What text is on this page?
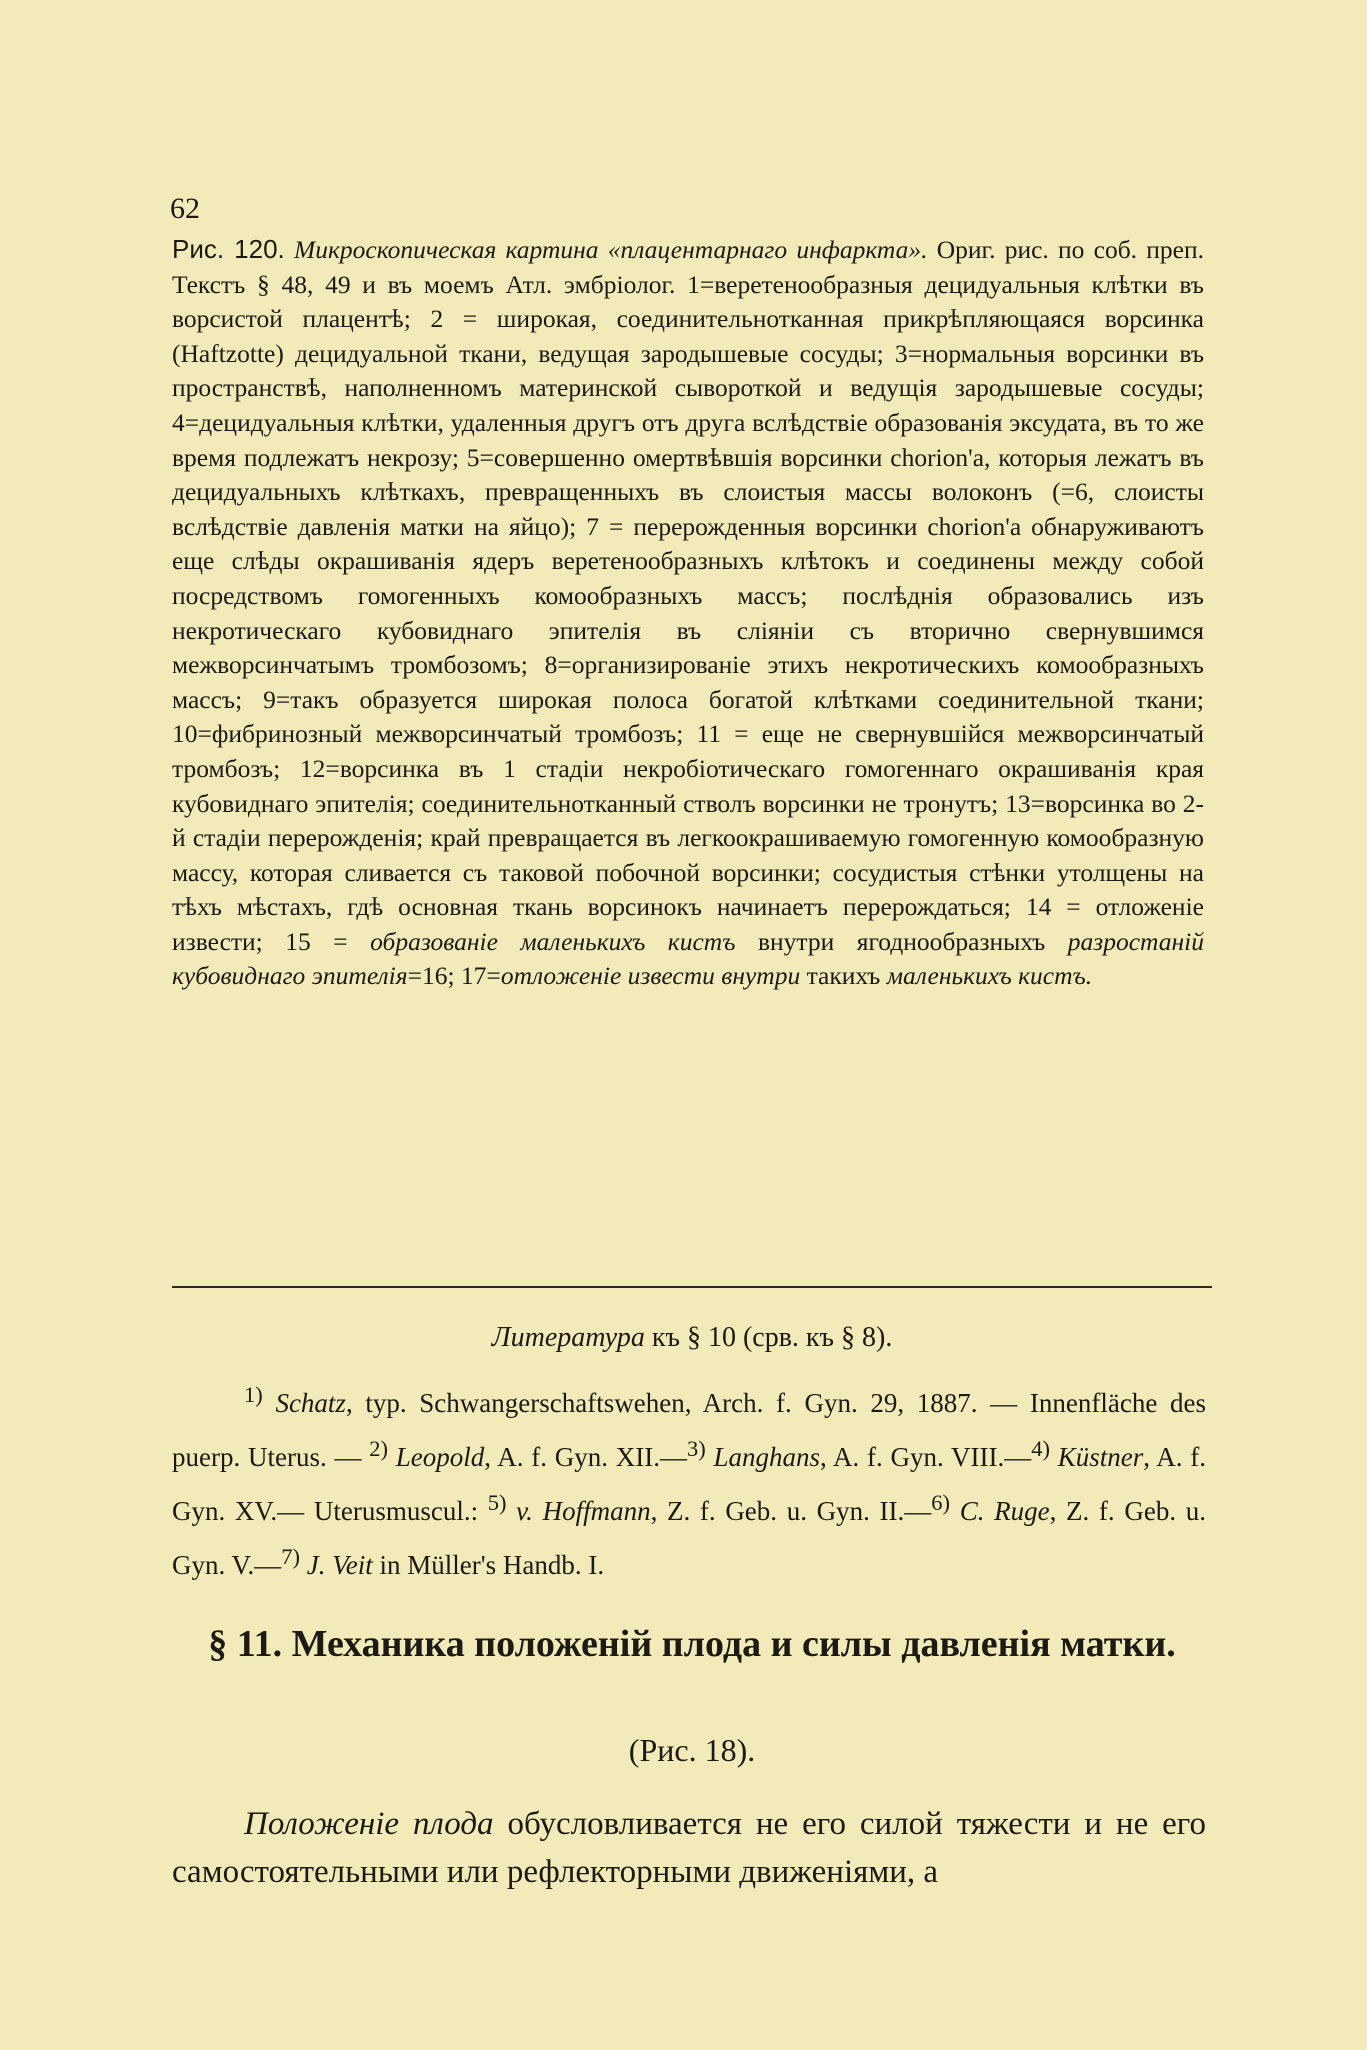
62
Рис. 120. Микроскопическая картина «плацентарнаго инфаркта». Ориг. рис. по соб. преп. Текстъ § 48, 49 и въ моемъ Атл. эмбріолог. 1=веретенообразныя децидуальныя клѣтки въ ворсистой плацентѣ; 2 = широкая, соединительнотканная прикрѣпляющаяся ворсинка (Haftzotte) децидуальной ткани, ведущая зародышевые сосуды; 3=нормальныя ворсинки въ пространствѣ, наполненномъ материнской сывороткой и ведущія зародышевые сосуды; 4=децидуальныя клѣтки, удаленныя другъ отъ друга вслѣдствіе образованія эксудата, въ то же время подлежатъ некрозу; 5=совершенно омертвѣвшія ворсинки chorion'а, которыя лежатъ въ децидуальныхъ клѣткахъ, превращенныхъ въ слоистыя массы волоконъ (=6, слоисты вслѣдствіе давленія матки на яйцо); 7 = перерожденныя ворсинки chorion'а обнаруживаютъ еще слѣды окрашиванія ядеръ веретенообразныхъ клѣтокъ и соединены между собой посредствомъ гомогенныхъ комообразныхъ массъ; послѣднія образовались изъ некротическаго кубовиднаго эпителія въ сліяніи съ вторично свернувшимся межворсинчатымъ тромбозомъ; 8=организированіе этихъ некротическихъ комообразныхъ массъ; 9=такъ образуется широкая полоса богатой клѣтками соединительной ткани; 10=фибринозный межворсинчатый тромбозъ; 11 = еще не свернувшійся межворсинчатый тромбозъ; 12=ворсинка въ 1 стадіи некробіотическаго гомогеннаго окрашиванія края кубовиднаго эпителія; соединительнотканный стволъ ворсинки не тронутъ; 13=ворсинка во 2-й стадіи перерожденія; край превращается въ легкоокрашиваемую гомогенную комообразную массу, которая сливается съ таковой побочной ворсинки; сосудистыя стѣнки утолщены на тѣхъ мѣстахъ, гдѣ основная ткань ворсинокъ начинаетъ перерождаться; 14 = отложеніе извести; 15 = образованіе маленькихъ кистъ внутри ягоднообразныхъ разростаній кубовиднаго эпителія=16; 17=отложеніе извести внутри такихъ маленькихъ кистъ.
Литература къ § 10 (срв. къ § 8).

$^{1)}$ Schatz, typ. Schwangerschaftswehen, Arch. f. Gyn. 29, 1887. — Innenfläche des puerp. Uterus. — $^{2)}$ Leopold, A. f. Gyn. XII.—$^{3)}$ Langhans, A. f. Gyn. VIII.—$^{4)}$ Küstner, A. f. Gyn. XV.— Uterusmuscul.: $^{5)}$ v. Hoffmann, Z. f. Geb. u. Gyn. II.—$^{6)}$ C. Ruge, Z. f. Geb. u. Gyn. V.—$^{7)}$ J. Veit in Müller's Handb. I.

§ 11. Механика положеній плода и силы давленія матки.
(Рис. 18).

Положеніе плода обусловливается не его силой тяжести и не его самостоятельными или рефлекторными движеніями, а
